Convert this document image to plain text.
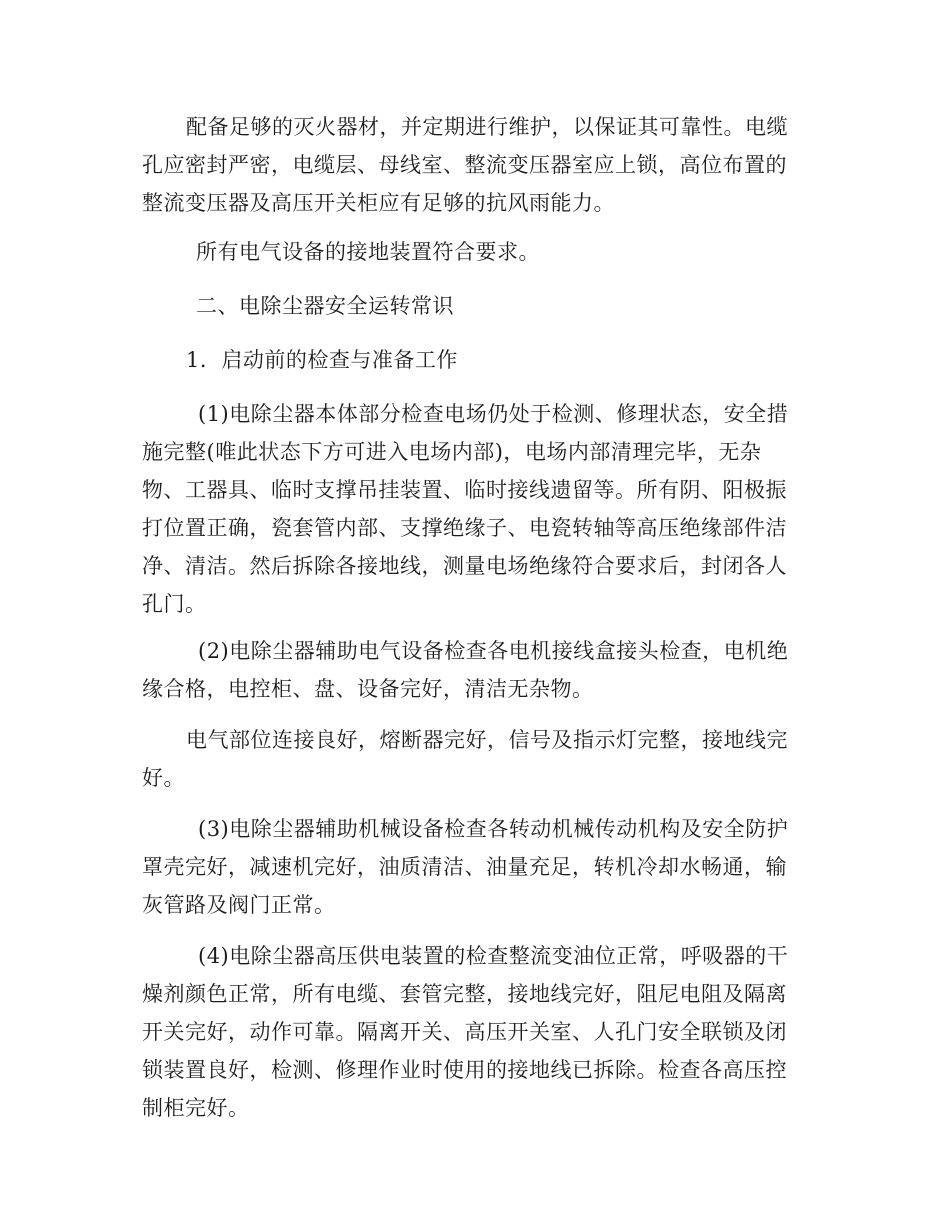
配备足够的灭火器材，并定期进行维护，以保证其可靠性。电缆
孔应密封严密，电缆层、母线室、整流变压器室应上锁，高位布置的
整流变压器及高压开关柜应有足够的抗风雨能力。
所有电气设备的接地装置符合要求。
二、电除尘器安全运转常识
1．启动前的检查与准备工作
(1)电除尘器本体部分检查电场仍处于检测、修理状态，安全措
施完整(唯此状态下方可进入电场内部)，电场内部清理完毕，无杂
物、工器具、临时支撑吊挂装置、临时接线遗留等。所有阴、阳极振
打位置正确，瓷套管内部、支撑绝缘子、电瓷转轴等高压绝缘部件洁
净、清洁。然后拆除各接地线，测量电场绝缘符合要求后，封闭各人
孔门。
(2)电除尘器辅助电气设备检查各电机接线盒接头检查，电机绝
缘合格，电控柜、盘、设备完好，清洁无杂物。
电气部位连接良好，熔断器完好，信号及指示灯完整，接地线完
好。
(3)电除尘器辅助机械设备检查各转动机械传动机构及安全防护
罩壳完好，减速机完好，油质清洁、油量充足，转机冷却水畅通，输
灰管路及阀门正常。
(4)电除尘器高压供电装置的检查整流变油位正常，呼吸器的干
燥剂颜色正常，所有电缆、套管完整，接地线完好，阻尼电阻及隔离
开关完好，动作可靠。隔离开关、高压开关室、人孔门安全联锁及闭
锁装置良好，检测、修理作业时使用的接地线已拆除。检查各高压控
制柜完好。
